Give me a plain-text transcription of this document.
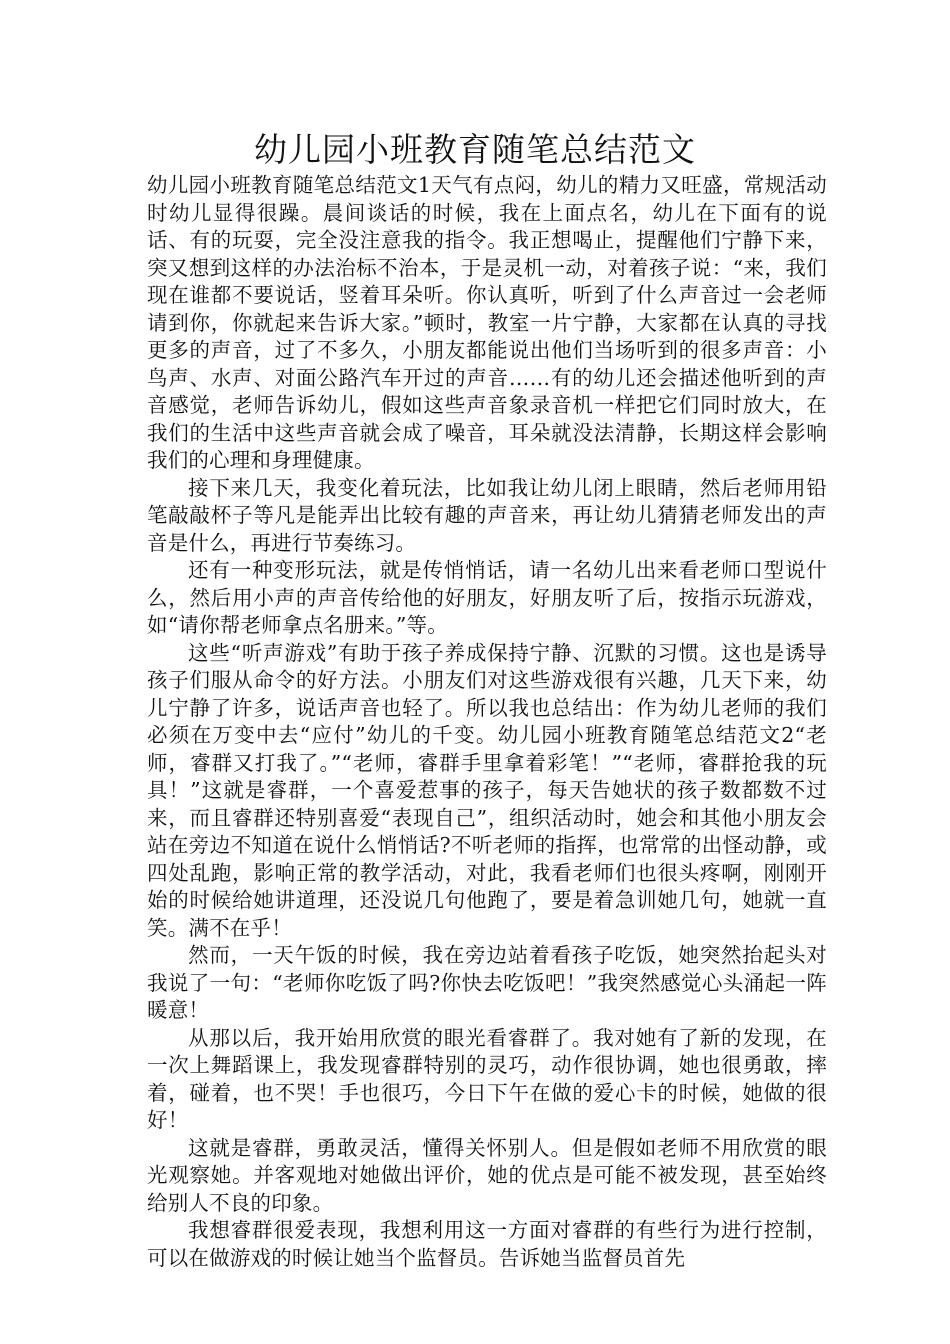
幼儿园小班教育随笔总结范文

幼儿园小班教育随笔总结范文1天气有点闷，幼儿的精力又旺盛，常规活动时幼儿显得很躁。晨间谈话的时候，我在上面点名，幼儿在下面有的说话、有的玩耍，完全没注意我的指令。我正想喝止，提醒他们宁静下来，突又想到这样的办法治标不治本，于是灵机一动，对着孩子说：“来，我们现在谁都不要说话，竖着耳朵听。你认真听，听到了什么声音过一会老师请到你，你就起来告诉大家。”顿时，教室一片宁静，大家都在认真的寻找更多的声音，过了不多久，小朋友都能说出他们当场听到的很多声音：小鸟声、水声、对面公路汽车开过的声音……有的幼儿还会描述他听到的声音感觉，老师告诉幼儿，假如这些声音象录音机一样把它们同时放大，在我们的生活中这些声音就会成了噪音，耳朵就没法清静，长期这样会影响我们的心理和身理健康。

接下来几天，我变化着玩法，比如我让幼儿闭上眼睛，然后老师用铅笔敲敲杯子等凡是能弄出比较有趣的声音来，再让幼儿猜猜老师发出的声音是什么，再进行节奏练习。

还有一种变形玩法，就是传悄悄话，请一名幼儿出来看老师口型说什么，然后用小声的声音传给他的好朋友，好朋友听了后，按指示玩游戏，如“请你帮老师拿点名册来。”等。

这些“听声游戏”有助于孩子养成保持宁静、沉默的习惯。这也是诱导孩子们服从命令的好方法。小朋友们对这些游戏很有兴趣，几天下来，幼儿宁静了许多，说话声音也轻了。所以我也总结出：作为幼儿老师的我们必须在万变中去“应付”幼儿的千变。幼儿园小班教育随笔总结范文2“老师，睿群又打我了。”“老师，睿群手里拿着彩笔！”“老师，睿群抢我的玩具！”这就是睿群，一个喜爱惹事的孩子，每天告她状的孩子数都数不过来，而且睿群还特别喜爱“表现自己”，组织活动时，她会和其他小朋友会站在旁边不知道在说什么悄悄话?不听老师的指挥，也常常的出怪动静，或四处乱跑，影响正常的教学活动，对此，我看老师们也很头疼啊，刚刚开始的时候给她讲道理，还没说几句他跑了，要是着急训她几句，她就一直笑。满不在乎！

然而，一天午饭的时候，我在旁边站着看孩子吃饭，她突然抬起头对我说了一句：“老师你吃饭了吗?你快去吃饭吧！”我突然感觉心头涌起一阵暖意！

从那以后，我开始用欣赏的眼光看睿群了。我对她有了新的发现，在一次上舞蹈课上，我发现睿群特别的灵巧，动作很协调，她也很勇敢，摔着，碰着，也不哭！手也很巧，今日下午在做的爱心卡的时候，她做的很好！

这就是睿群，勇敢灵活，懂得关怀别人。但是假如老师不用欣赏的眼光观察她。并客观地对她做出评价，她的优点是可能不被发现，甚至始终给别人不良的印象。

我想睿群很爱表现，我想利用这一方面对睿群的有些行为进行控制，可以在做游戏的时候让她当个监督员。告诉她当监督员首先
